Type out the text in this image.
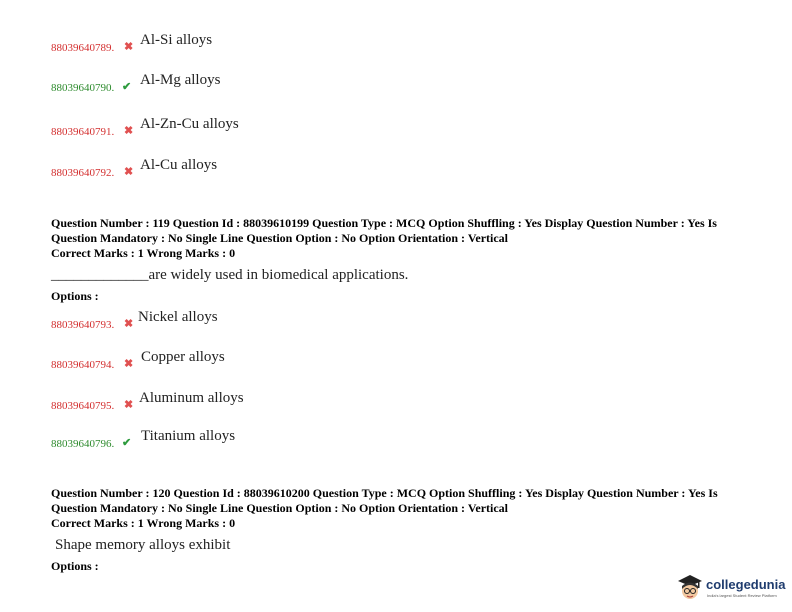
88039640789. ✖ Al-Si alloys
88039640790. ✔ Al-Mg alloys
88039640791. ✖ Al-Zn-Cu alloys
88039640792. ✖ Al-Cu alloys
Question Number : 119 Question Id : 88039610199 Question Type : MCQ Option Shuffling : Yes Display Question Number : Yes Is
Question Mandatory : No Single Line Question Option : No Option Orientation : Vertical
Correct Marks : 1 Wrong Marks : 0
_____________are widely used in biomedical applications.
Options :
88039640793. ✖ Nickel alloys
88039640794. ✖ Copper alloys
88039640795. ✖ Aluminum alloys
88039640796. ✔ Titanium alloys
Question Number : 120 Question Id : 88039610200 Question Type : MCQ Option Shuffling : Yes Display Question Number : Yes Is
Question Mandatory : No Single Line Question Option : No Option Orientation : Vertical
Correct Marks : 1 Wrong Marks : 0
Shape memory alloys exhibit
Options :
collegedunia
India's largest Student Review Platform
